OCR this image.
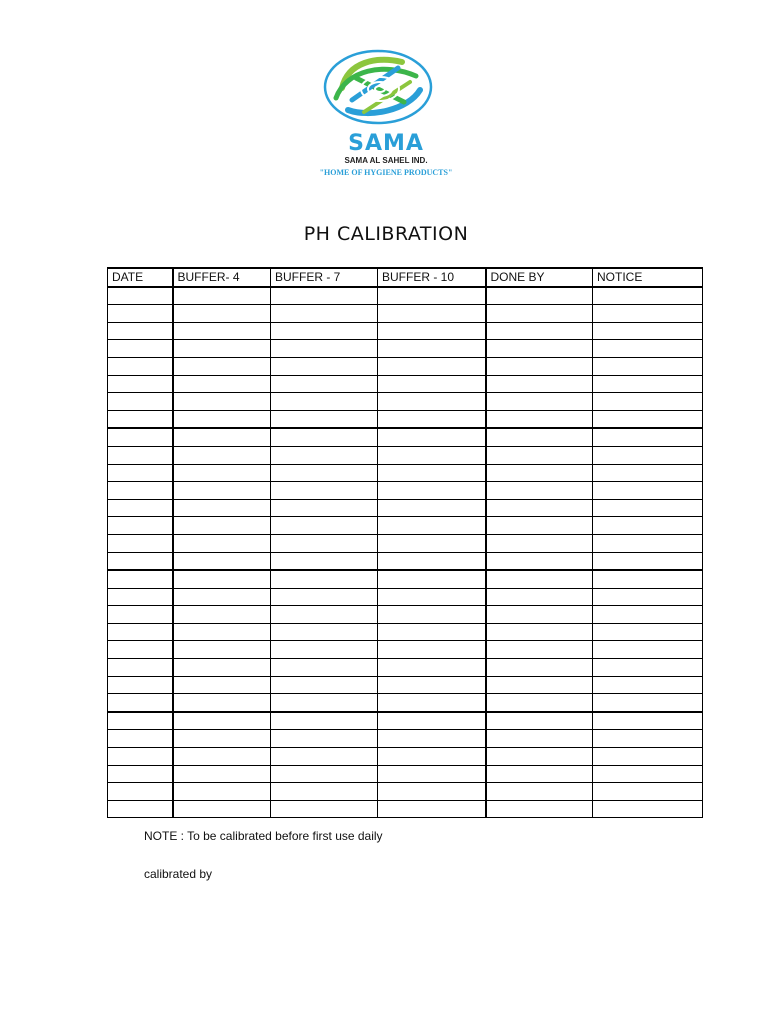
SAMA
SAMA AL SAHEL IND.
"HOME OF HYGIENE PRODUCTS"
PH CALIBRATION
DATE	BUFFER- 4	BUFFER - 7	BUFFER - 10	DONE BY	NOTICE

NOTE : To be calibrated before first use daily
calibrated by
